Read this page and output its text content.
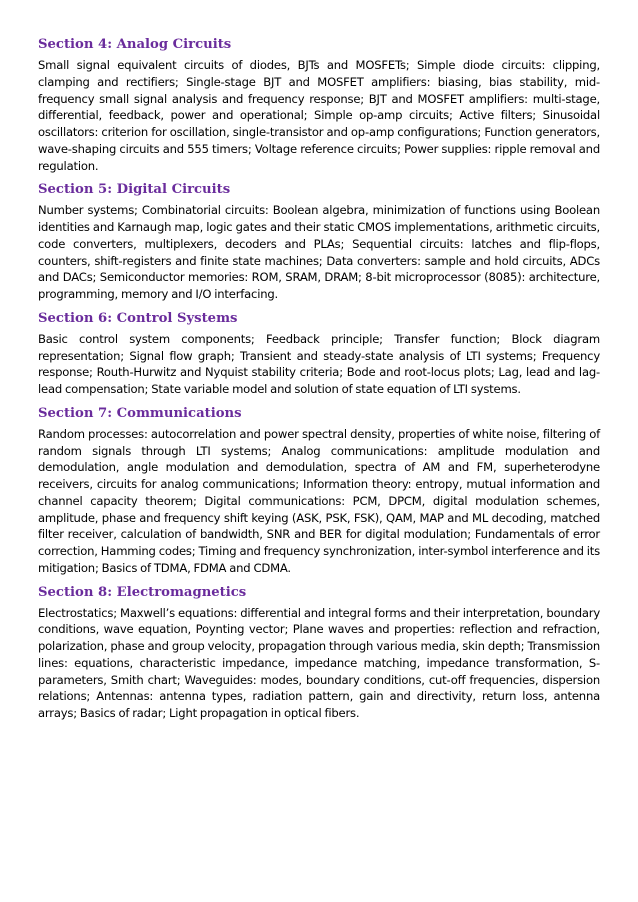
Section 4: Analog Circuits

Small signal equivalent circuits of diodes, BJTs and MOSFETs; Simple diode circuits: clipping, clamping and rectifiers; Single-stage BJT and MOSFET amplifiers: biasing, bias stability, mid-frequency small signal analysis and frequency response; BJT and MOSFET amplifiers: multi-stage, differential, feedback, power and operational; Simple op-amp circuits; Active filters; Sinusoidal oscillators: criterion for oscillation, single-transistor and op-amp configurations; Function generators, wave-shaping circuits and 555 timers; Voltage reference circuits; Power supplies: ripple removal and regulation.

Section 5: Digital Circuits

Number systems; Combinatorial circuits: Boolean algebra, minimization of functions using Boolean identities and Karnaugh map, logic gates and their static CMOS implementations, arithmetic circuits, code converters, multiplexers, decoders and PLAs; Sequential circuits: latches and flip-flops, counters, shift-registers and finite state machines; Data converters: sample and hold circuits, ADCs and DACs; Semiconductor memories: ROM, SRAM, DRAM; 8-bit microprocessor (8085): architecture, programming, memory and I/O interfacing.

Section 6: Control Systems

Basic control system components; Feedback principle; Transfer function; Block diagram representation; Signal flow graph; Transient and steady-state analysis of LTI systems; Frequency response; Routh-Hurwitz and Nyquist stability criteria; Bode and root-locus plots; Lag, lead and lag-lead compensation; State variable model and solution of state equation of LTI systems.

Section 7: Communications

Random processes: autocorrelation and power spectral density, properties of white noise, filtering of random signals through LTI systems; Analog communications: amplitude modulation and demodulation, angle modulation and demodulation, spectra of AM and FM, superheterodyne receivers, circuits for analog communications; Information theory: entropy, mutual information and channel capacity theorem; Digital communications: PCM, DPCM, digital modulation schemes, amplitude, phase and frequency shift keying (ASK, PSK, FSK), QAM, MAP and ML decoding, matched filter receiver, calculation of bandwidth, SNR and BER for digital modulation; Fundamentals of error correction, Hamming codes; Timing and frequency synchronization, inter-symbol interference and its mitigation; Basics of TDMA, FDMA and CDMA.

Section 8: Electromagnetics

Electrostatics; Maxwell’s equations: differential and integral forms and their interpretation, boundary conditions, wave equation, Poynting vector; Plane waves and properties: reflection and refraction, polarization, phase and group velocity, propagation through various media, skin depth; Transmission lines: equations, characteristic impedance, impedance matching, impedance transformation, S-parameters, Smith chart; Waveguides: modes, boundary conditions, cut-off frequencies, dispersion relations; Antennas: antenna types, radiation pattern, gain and directivity, return loss, antenna arrays; Basics of radar; Light propagation in optical fibers.
